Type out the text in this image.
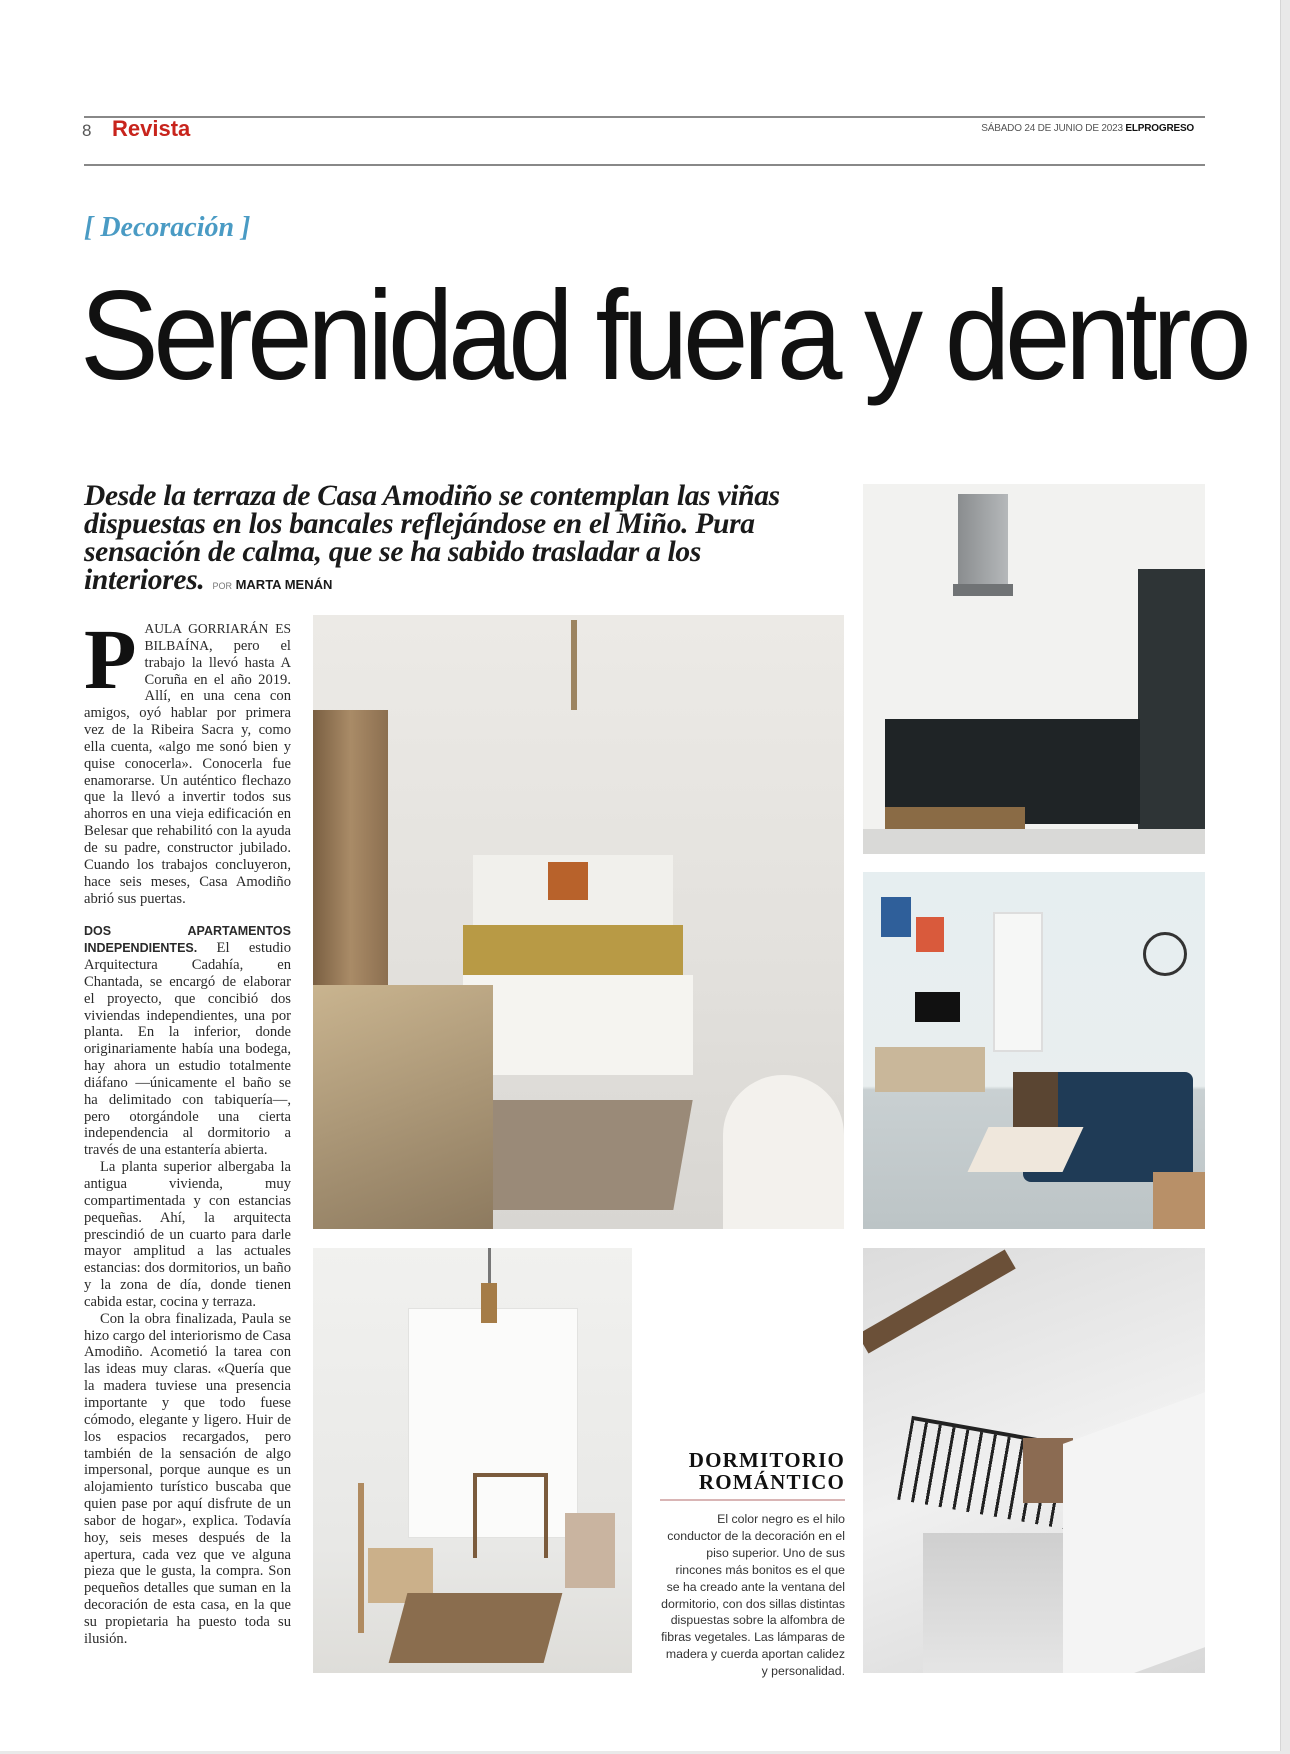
8 Revista	SÁBADO 24 DE JUNIO DE 2023 ELPROGRESO
[ Decoración ]
Serenidad fuera y dentro
Desde la terraza de Casa Amodiño se contemplan las viñas dispuestas en los bancales reflejándose en el Miño. Pura sensación de calma, que se ha sabido trasladar a los interiores. POR MARTA MENÁN

PAULA GORRIARÁN ES BILBAÍNA, pero el trabajo la llevó hasta A Coruña en el año 2019. Allí, en una cena con amigos, oyó hablar por primera vez de la Ribeira Sacra y, como ella cuenta, «algo me sonó bien y quise conocerla». Conocerla fue enamorarse. Un auténtico flechazo que la llevó a invertir todos sus ahorros en una vieja edificación en Belesar que rehabilitó con la ayuda de su padre, constructor jubilado. Cuando los trabajos concluyeron, hace seis meses, Casa Amodiño abrió sus puertas.

DOS APARTAMENTOS INDEPENDIENTES. El estudio Arquitectura Cadahía, en Chantada, se encargó de elaborar el proyecto, que concibió dos viviendas independientes, una por planta. En la inferior, donde originariamente había una bodega, hay ahora un estudio totalmente diáfano —únicamente el baño se ha delimitado con tabiquería—, pero otorgándole una cierta independencia al dormitorio a través de una estantería abierta.

La planta superior albergaba la antigua vivienda, muy compartimentada y con estancias pequeñas. Ahí, la arquitecta prescindió de un cuarto para darle mayor amplitud a las actuales estancias: dos dormitorios, un baño y la zona de día, donde tienen cabida estar, cocina y terraza.

Con la obra finalizada, Paula se hizo cargo del interiorismo de Casa Amodiño. Acometió la tarea con las ideas muy claras. «Quería que la madera tuviese una presencia importante y que todo fuese cómodo, elegante y ligero. Huir de los espacios recargados, pero también de la sensación de algo impersonal, porque aunque es un alojamiento turístico buscaba que quien pase por aquí disfrute de un sabor de hogar», explica. Todavía hoy, seis meses después de la apertura, cada vez que ve alguna pieza que le gusta, la compra. Son pequeños detalles que suman en la decoración de esta casa, en la que su propietaria ha puesto toda su ilusión.

DORMITORIO
ROMÁNTICO
El color negro es el hilo conductor de la decoración en el piso superior. Uno de sus rincones más bonitos es el que se ha creado ante la ventana del dormitorio, con dos sillas distintas dispuestas sobre la alfombra de fibras vegetales. Las lámparas de madera y cuerda aportan calidez y personalidad.
